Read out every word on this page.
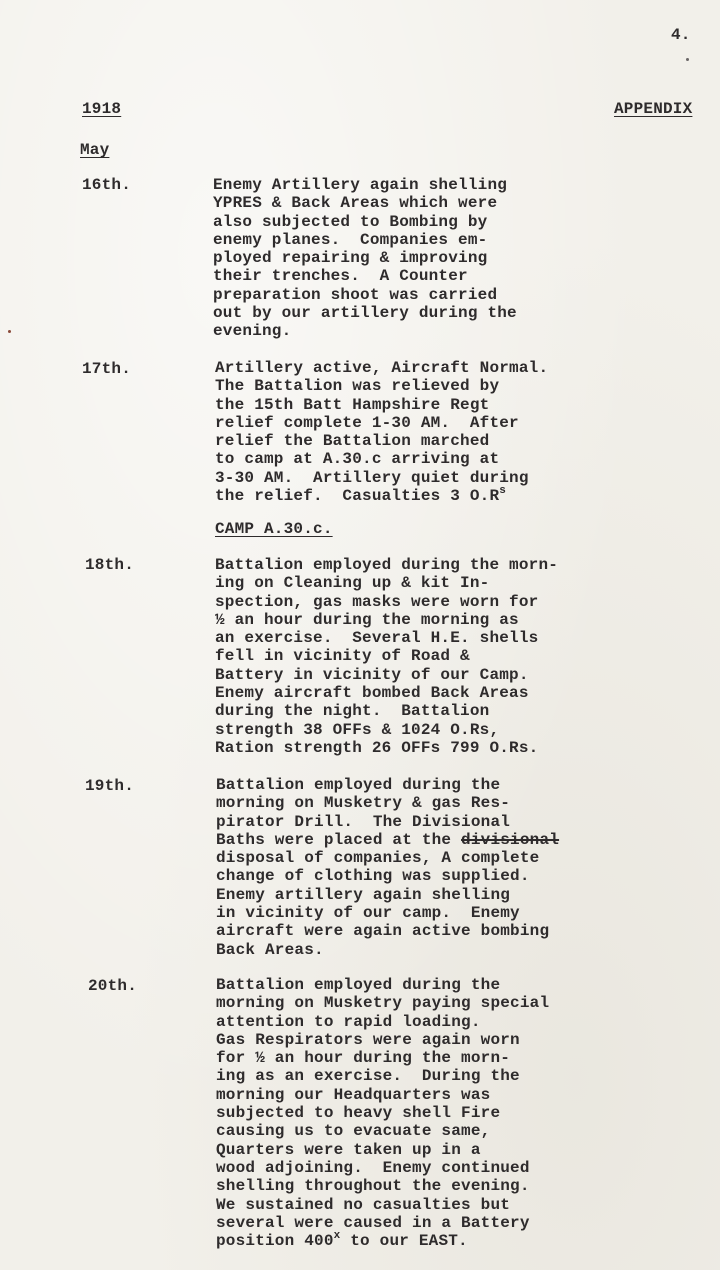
4.
1918	APPENDIX
May
16th.	Enemy Artillery again shelling
YPRES & Back Areas which were
also subjected to Bombing by
enemy planes.  Companies em-
ployed repairing & improving
their trenches.  A Counter
preparation shoot was carried
out by our artillery during the
evening.
17th.	Artillery active, Aircraft Normal.
The Battalion was relieved by
the 15th Batt Hampshire Regt
relief complete 1-30 AM.  After
relief the Battalion marched
to camp at A.30.c arriving at
3-30 AM.  Artillery quiet during
the relief.  Casualties 3 $O.R^s$
CAMP A.30.c.
18th.	Battalion employed during the morn-
ing on Cleaning up & kit In-
spection, gas masks were worn for
½ an hour during the morning as
an exercise.  Several H.E. shells
fell in vicinity of Road &
Battery in vicinity of our Camp.
Enemy aircraft bombed Back Areas
during the night.  Battalion
strength 38 OFFs & 1024 O.Rs,
Ration strength 26 OFFs 799 O.Rs.
19th.	Battalion employed during the
morning on Musketry & gas Res-
pirator Drill.  The Divisional
Baths were placed at the divisional
disposal of companies, A complete
change of clothing was supplied.
Enemy artillery again shelling
in vicinity of our camp.  Enemy
aircraft were again active bombing
Back Areas.
20th.	Battalion employed during the
morning on Musketry paying special
attention to rapid loading.
Gas Respirators were again worn
for ½ an hour during the morn-
ing as an exercise.  During the
morning our Headquarters was
subjected to heavy shell Fire
causing us to evacuate same,
Quarters were taken up in a
wood adjoining.  Enemy continued
shelling throughout the evening.
We sustained no casualties but
several were caused in a Battery
position 400$^x$ to our EAST.
